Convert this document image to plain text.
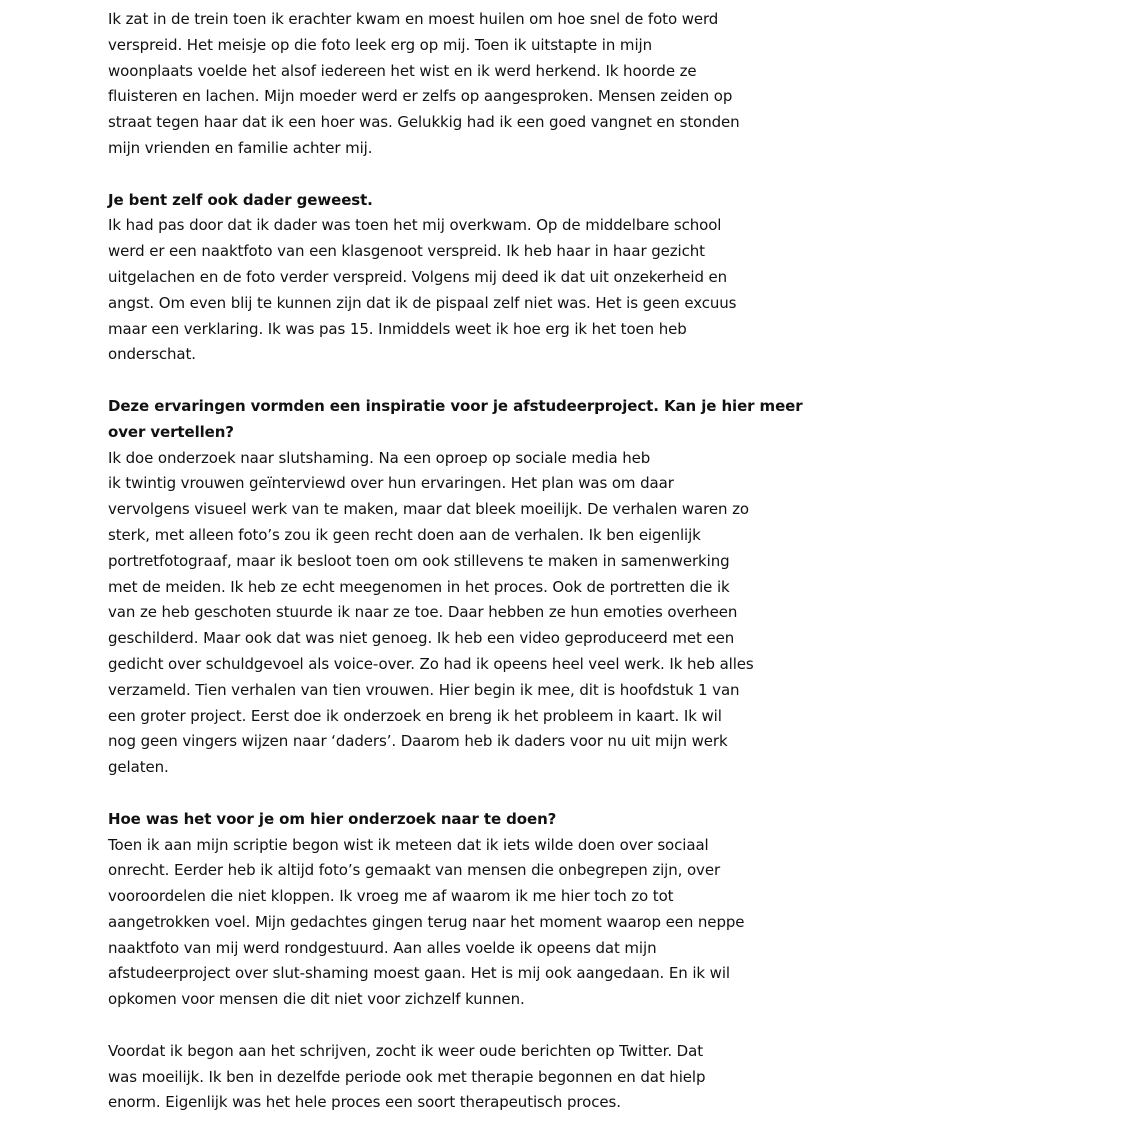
Ik zat in de trein toen ik erachter kwam en moest huilen om hoe snel de foto werd
verspreid. Het meisje op die foto leek erg op mij. Toen ik uitstapte in mijn
woonplaats voelde het alsof iedereen het wist en ik werd herkend. Ik hoorde ze
fluisteren en lachen. Mijn moeder werd er zelfs op aangesproken. Mensen zeiden op
straat tegen haar dat ik een hoer was. Gelukkig had ik een goed vangnet en stonden
mijn vrienden en familie achter mij.
Je bent zelf ook dader geweest.
Ik had pas door dat ik dader was toen het mij overkwam. Op de middelbare school
werd er een naaktfoto van een klasgenoot verspreid. Ik heb haar in haar gezicht
uitgelachen en de foto verder verspreid. Volgens mij deed ik dat uit onzekerheid en
angst. Om even blij te kunnen zijn dat ik de pispaal zelf niet was. Het is geen excuus
maar een verklaring. Ik was pas 15. Inmiddels weet ik hoe erg ik het toen heb
onderschat.
Deze ervaringen vormden een inspiratie voor je afstudeerproject. Kan je hier meer
over vertellen?
Ik doe onderzoek naar slutshaming. Na een oproep op sociale media heb
ik twintig vrouwen geïnterviewd over hun ervaringen. Het plan was om daar
vervolgens visueel werk van te maken, maar dat bleek moeilijk. De verhalen waren zo
sterk, met alleen foto’s zou ik geen recht doen aan de verhalen. Ik ben eigenlijk
portretfotograaf, maar ik besloot toen om ook stillevens te maken in samenwerking
met de meiden. Ik heb ze echt meegenomen in het proces. Ook de portretten die ik
van ze heb geschoten stuurde ik naar ze toe. Daar hebben ze hun emoties overheen
geschilderd. Maar ook dat was niet genoeg. Ik heb een video geproduceerd met een
gedicht over schuldgevoel als voice-over. Zo had ik opeens heel veel werk. Ik heb alles
verzameld. Tien verhalen van tien vrouwen. Hier begin ik mee, dit is hoofdstuk 1 van
een groter project. Eerst doe ik onderzoek en breng ik het probleem in kaart. Ik wil
nog geen vingers wijzen naar ‘daders’. Daarom heb ik daders voor nu uit mijn werk
gelaten.
Hoe was het voor je om hier onderzoek naar te doen?
Toen ik aan mijn scriptie begon wist ik meteen dat ik iets wilde doen over sociaal
onrecht. Eerder heb ik altijd foto’s gemaakt van mensen die onbegrepen zijn, over
vooroordelen die niet kloppen. Ik vroeg me af waarom ik me hier toch zo tot
aangetrokken voel. Mijn gedachtes gingen terug naar het moment waarop een neppe
naaktfoto van mij werd rondgestuurd. Aan alles voelde ik opeens dat mijn
afstudeerproject over slut-shaming moest gaan. Het is mij ook aangedaan. En ik wil
opkomen voor mensen die dit niet voor zichzelf kunnen.
Voordat ik begon aan het schrijven, zocht ik weer oude berichten op Twitter. Dat
was moeilijk. Ik ben in dezelfde periode ook met therapie begonnen en dat hielp
enorm. Eigenlijk was het hele proces een soort therapeutisch proces.
